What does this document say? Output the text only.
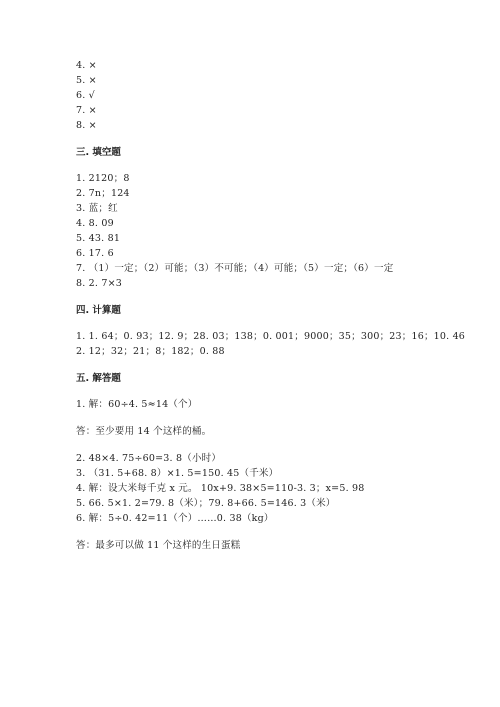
4. ×
5. ×
6. √
7. ×
8. ×
三. 填空题
1. 2120；8
2. 7n；124
3. 蓝；红
4. 8. 09
5. 43. 81
6. 17. 6
7. （1）一定；（2）可能；（3）不可能；（4）可能；（5）一定；（6）一定
8. 2. 7×3
四. 计算题
1. 1. 64；0. 93；12. 9；28. 03；138；0. 001；9000；35；300；23；16；10. 46
2. 12；32；21；8；182；0. 88
五. 解答题
1. 解：60÷4. 5≈14（个）
答：至少要用 14 个这样的桶。
2. 48×4. 75÷60=3. 8（小时）
3. （31. 5+68. 8）×1. 5=150. 45（千米）
4. 解：设大米每千克 x 元。 10x+9. 38×5=110-3. 3；x=5. 98
5. 66. 5×1. 2=79. 8（米）；79. 8+66. 5=146. 3（米）
6. 解：5÷0. 42=11（个）……0. 38（kg）
答：最多可以做 11 个这样的生日蛋糕
